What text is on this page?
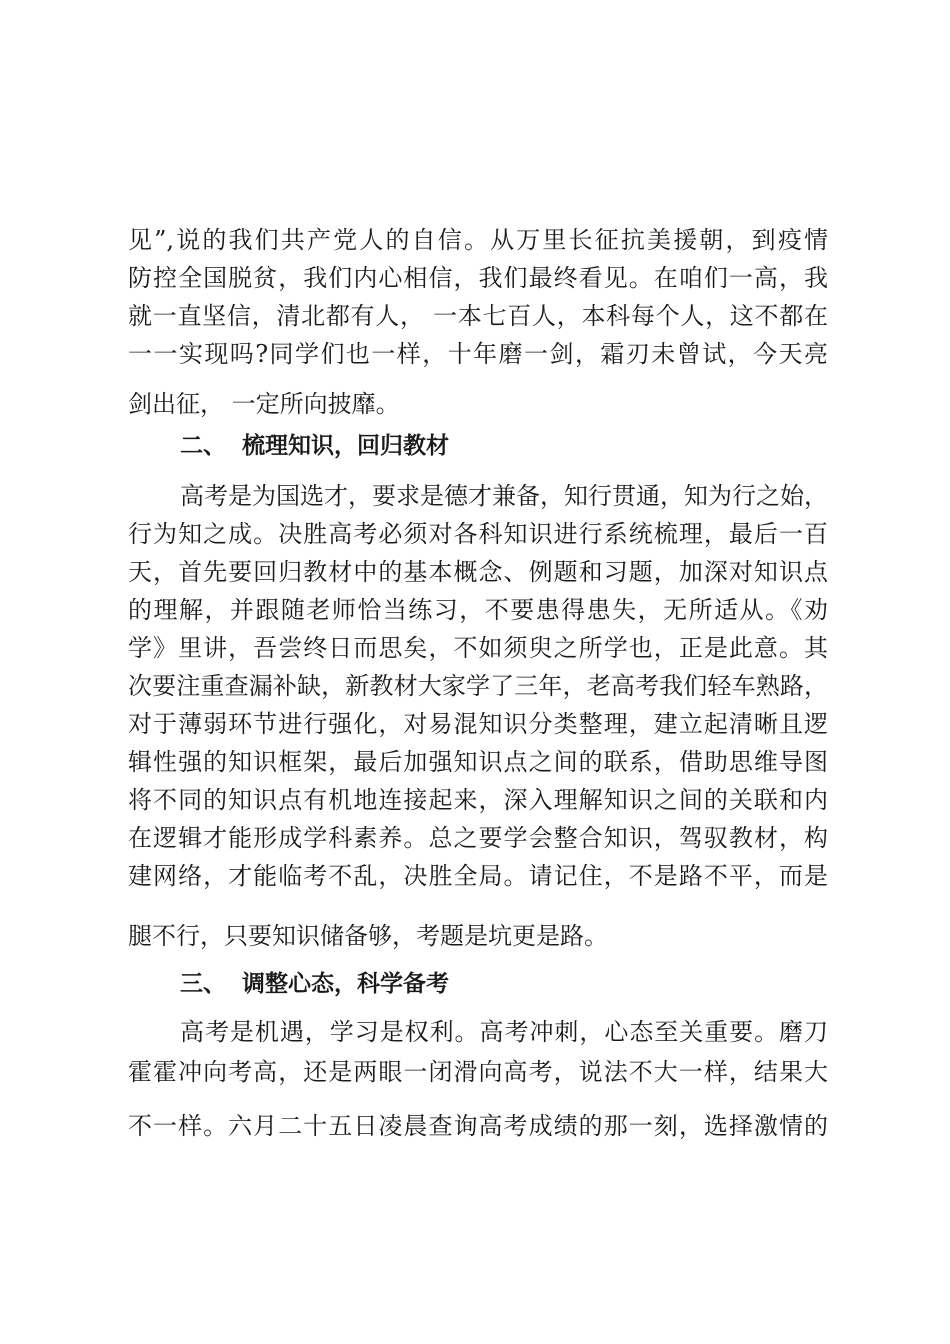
见”,说的我们共产党人的自信。从万里长征抗美援朝，到疫情
防控全国脱贫，我们内心相信，我们最终看见。在咱们一高，我
就一直坚信，清北都有人， 一本七百人，本科每个人，这不都在
一一实现吗?同学们也一样，十年磨一剑，霜刃未曾试，今天亮
剑出征， 一定所向披靡。
二、 梳理知识，回归教材
高考是为国选才，要求是德才兼备，知行贯通，知为行之始，
行为知之成。决胜高考必须对各科知识进行系统梳理，最后一百
天，首先要回归教材中的基本概念、例题和习题，加深对知识点
的理解，并跟随老师恰当练习，不要患得患失，无所适从。《劝
学》里讲，吾尝终日而思矣，不如须臾之所学也，正是此意。其
次要注重查漏补缺，新教材大家学了三年，老高考我们轻车熟路，
对于薄弱环节进行强化，对易混知识分类整理，建立起清晰且逻
辑性强的知识框架，最后加强知识点之间的联系，借助思维导图
将不同的知识点有机地连接起来，深入理解知识之间的关联和内
在逻辑才能形成学科素养。总之要学会整合知识，驾驭教材，构
建网络，才能临考不乱，决胜全局。请记住，不是路不平，而是
腿不行，只要知识储备够，考题是坑更是路。
三、 调整心态，科学备考
高考是机遇，学习是权利。高考冲刺，心态至关重要。磨刀
霍霍冲向考高，还是两眼一闭滑向高考，说法不大一样，结果大
不一样。六月二十五日凌晨查询高考成绩的那一刻，选择激情的
